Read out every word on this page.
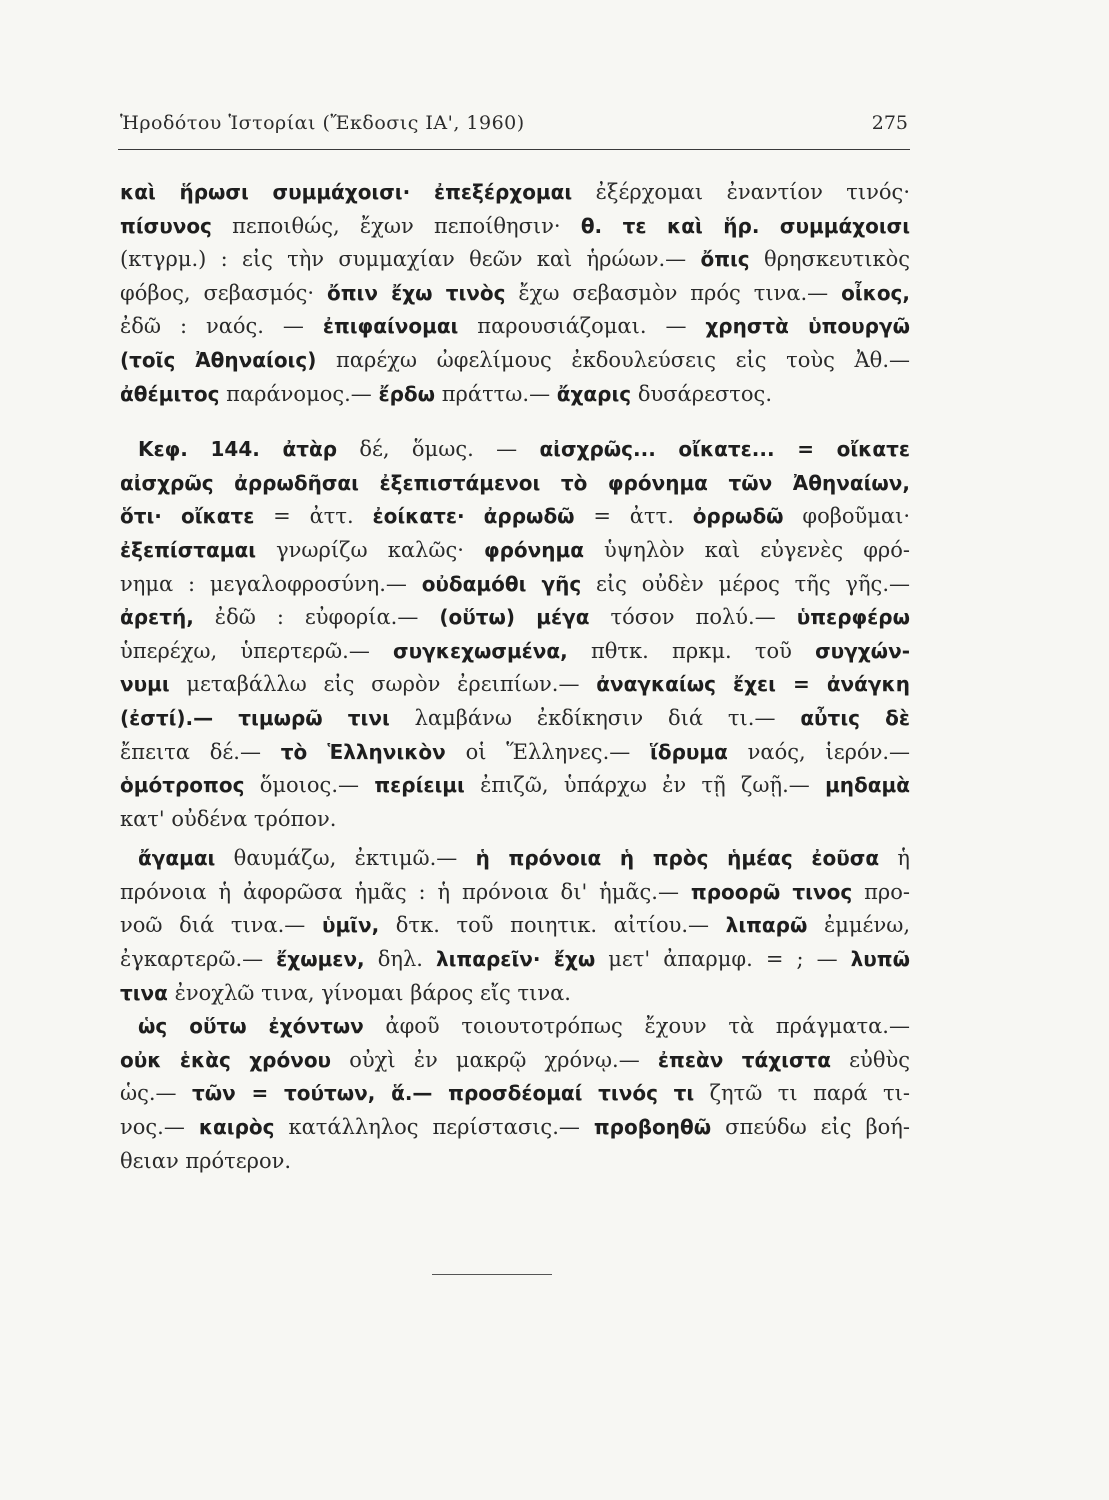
Ἡροδότου Ἱστορίαι (Ἔκδοσις ΙΑ', 1960)	275
καὶ ἥρωσι συμμάχοισι· ἐπεξέρχομαι ἐξέρχομαι ἐναντίον τινός·
πίσυνος πεποιθώς, ἔχων πεποίθησιν· θ. τε καὶ ἥρ. συμμάχοισι
(κτγρμ.) : εἰς τὴν συμμαχίαν θεῶν καὶ ἡρώων.— ὄπις θρησκευτικὸς
φόβος, σεβασμός· ὄπιν ἔχω τινὸς ἔχω σεβασμὸν πρός τινα.— οἶκος,
ἐδῶ : ναός. — ἐπιφαίνομαι παρουσιάζομαι. — χρηστὰ ὑπουργῶ
(τοῖς Ἀθηναίοις) παρέχω ὠφελίμους ἐκδουλεύσεις εἰς τοὺς Ἀθ.—
ἀθέμιτος παράνομος.— ἔρδω πράττω.— ἄχαρις δυσάρεστος.
Κεφ. 144. ἀτὰρ δέ, ὅμως. — αἰσχρῶς... οἴκατε... = οἴκατε
αἰσχρῶς ἀρρωδῆσαι ἐξεπιστάμενοι τὸ φρόνημα τῶν Ἀθηναίων,
ὅτι· οἴκατε = ἀττ. ἐοίκατε· ἀρρωδῶ = ἀττ. ὀρρωδῶ φοβοῦμαι·
ἐξεπίσταμαι γνωρίζω καλῶς· φρόνημα ὑψηλὸν καὶ εὐγενὲς φρό-
νημα : μεγαλοφροσύνη.— οὐδαμόθι γῆς εἰς οὐδὲν μέρος τῆς γῆς.—
ἀρετή, ἐδῶ : εὐφορία.— (οὕτω) μέγα τόσον πολύ.— ὑπερφέρω
ὑπερέχω, ὑπερτερῶ.— συγκεχωσμένα, πθτκ. πρκμ. τοῦ συγχών-
νυμι μεταβάλλω εἰς σωρὸν ἐρειπίων.— ἀναγκαίως ἔχει = ἀνάγκη
(ἐστί).— τιμωρῶ τινι λαμβάνω ἐκδίκησιν διά τι.— αὖτις δὲ
ἔπειτα δέ.— τὸ Ἑλληνικὸν οἱ Ἕλληνες.— ἵδρυμα ναός, ἱερόν.—
ὁμότροπος ὅμοιος.— περίειμι ἐπιζῶ, ὑπάρχω ἐν τῇ ζωῇ.— μηδαμὰ
κατ' οὐδένα τρόπον.
ἄγαμαι θαυμάζω, ἐκτιμῶ.— ἡ πρόνοια ἡ πρὸς ἡμέας ἐοῦσα ἡ
πρόνοια ἡ ἀφορῶσα ἡμᾶς : ἡ πρόνοια δι' ἡμᾶς.— προορῶ τινος προ-
νοῶ διά τινα.— ὑμῖν, δτκ. τοῦ ποιητικ. αἰτίου.— λιπαρῶ ἐμμένω,
ἐγκαρτερῶ.— ἔχωμεν, δηλ. λιπαρεῖν· ἔχω μετ' ἀπαρμφ. = ; — λυπῶ
τινα ἐνοχλῶ τινα, γίνομαι βάρος εἴς τινα.
ὡς οὕτω ἐχόντων ἀφοῦ τοιουτοτρόπως ἔχουν τὰ πράγματα.—
οὐκ ἑκὰς χρόνου οὐχὶ ἐν μακρῷ χρόνῳ.— ἐπεὰν τάχιστα εὐθὺς
ὡς.— τῶν = τούτων, ἅ.— προσδέομαί τινός τι ζητῶ τι παρά τι-
νος.— καιρὸς κατάλληλος περίστασις.— προβοηθῶ σπεύδω εἰς βοή-
θειαν πρότερον.
